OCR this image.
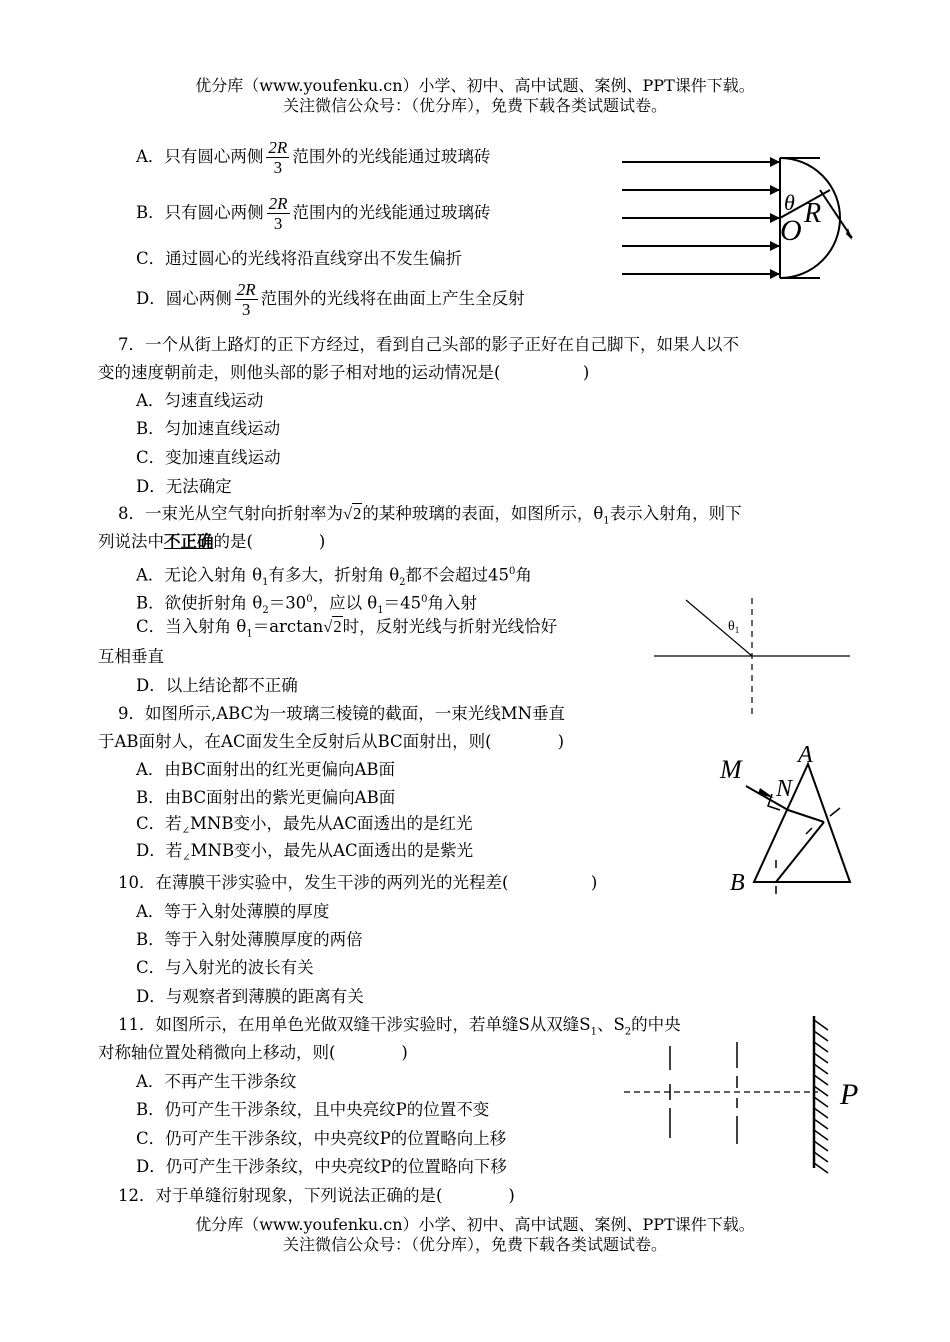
优分库（www.youfenku.cn）小学、初中、高中试题、案例、PPT课件下载。
关注微信公众号：（优分库），免费下载各类试题试卷。
A．只有圆心两侧 $\frac{2R}{3}$ 范围外的光线能通过玻璃砖
B．只有圆心两侧 $\frac{2R}{3}$ 范围内的光线能通过玻璃砖
C．通过圆心的光线将沿直线穿出不发生偏折
D．圆心两侧 $\frac{2R}{3}$ 范围外的光线将在曲面上产生全反射
θ
O
R
7．一个从街上路灯的正下方经过，看到自己头部的影子正好在自己脚下，如果人以不
变的速度朝前走，则他头部的影子相对地的运动情况是(　　　　　)
A．匀速直线运动
B．匀加速直线运动
C．变加速直线运动
D．无法确定
8．一束光从空气射向折射率为√2的某种玻璃的表面，如图所示，$\theta_1$表示入射角，则下
列说法中不正确的是(　　　　)
A．无论入射角 $\theta_1$有多大，折射角 $\theta_2$都不会超过$45^0$角
B．欲使折射角 $\theta_2=30^0$，应以 $\theta_1=45^0$角入射
C．当入射角 $\theta_1=\arctan√2$时，反射光线与折射光线恰好
互相垂直
D．以上结论都不正确
$\theta_1$
9．如图所示,ABC为一玻璃三棱镜的截面，一束光线MN垂直
于AB面射人，在AC面发生全反射后从BC面射出，则(　　　　)
A．由BC面射出的红光更偏向AB面
B．由BC面射出的紫光更偏向AB面
C．若$_\angle$MNB变小，最先从AC面透出的是红光
D．若$_\angle$MNB变小，最先从AC面透出的是紫光
M
N
A
B
10．在薄膜干涉实验中，发生干涉的两列光的光程差(　　　　　)
A．等于入射处薄膜的厚度
B．等于入射处薄膜厚度的两倍
C．与入射光的波长有关
D．与观察者到薄膜的距离有关
11．如图所示，在用单色光做双缝干涉实验时，若单缝S从双缝$S_1$、$S_2$的中央
对称轴位置处稍微向上移动，则(　　　　)
A．不再产生干涉条纹
B．仍可产生干涉条纹，且中央亮纹P的位置不变
C．仍可产生干涉条纹，中央亮纹P的位置略向上移
D．仍可产生干涉条纹，中央亮纹P的位置略向下移
P
12．对于单缝衍射现象，下列说法正确的是(　　　　)
优分库（www.youfenku.cn）小学、初中、高中试题、案例、PPT课件下载。
关注微信公众号：（优分库），免费下载各类试题试卷。
